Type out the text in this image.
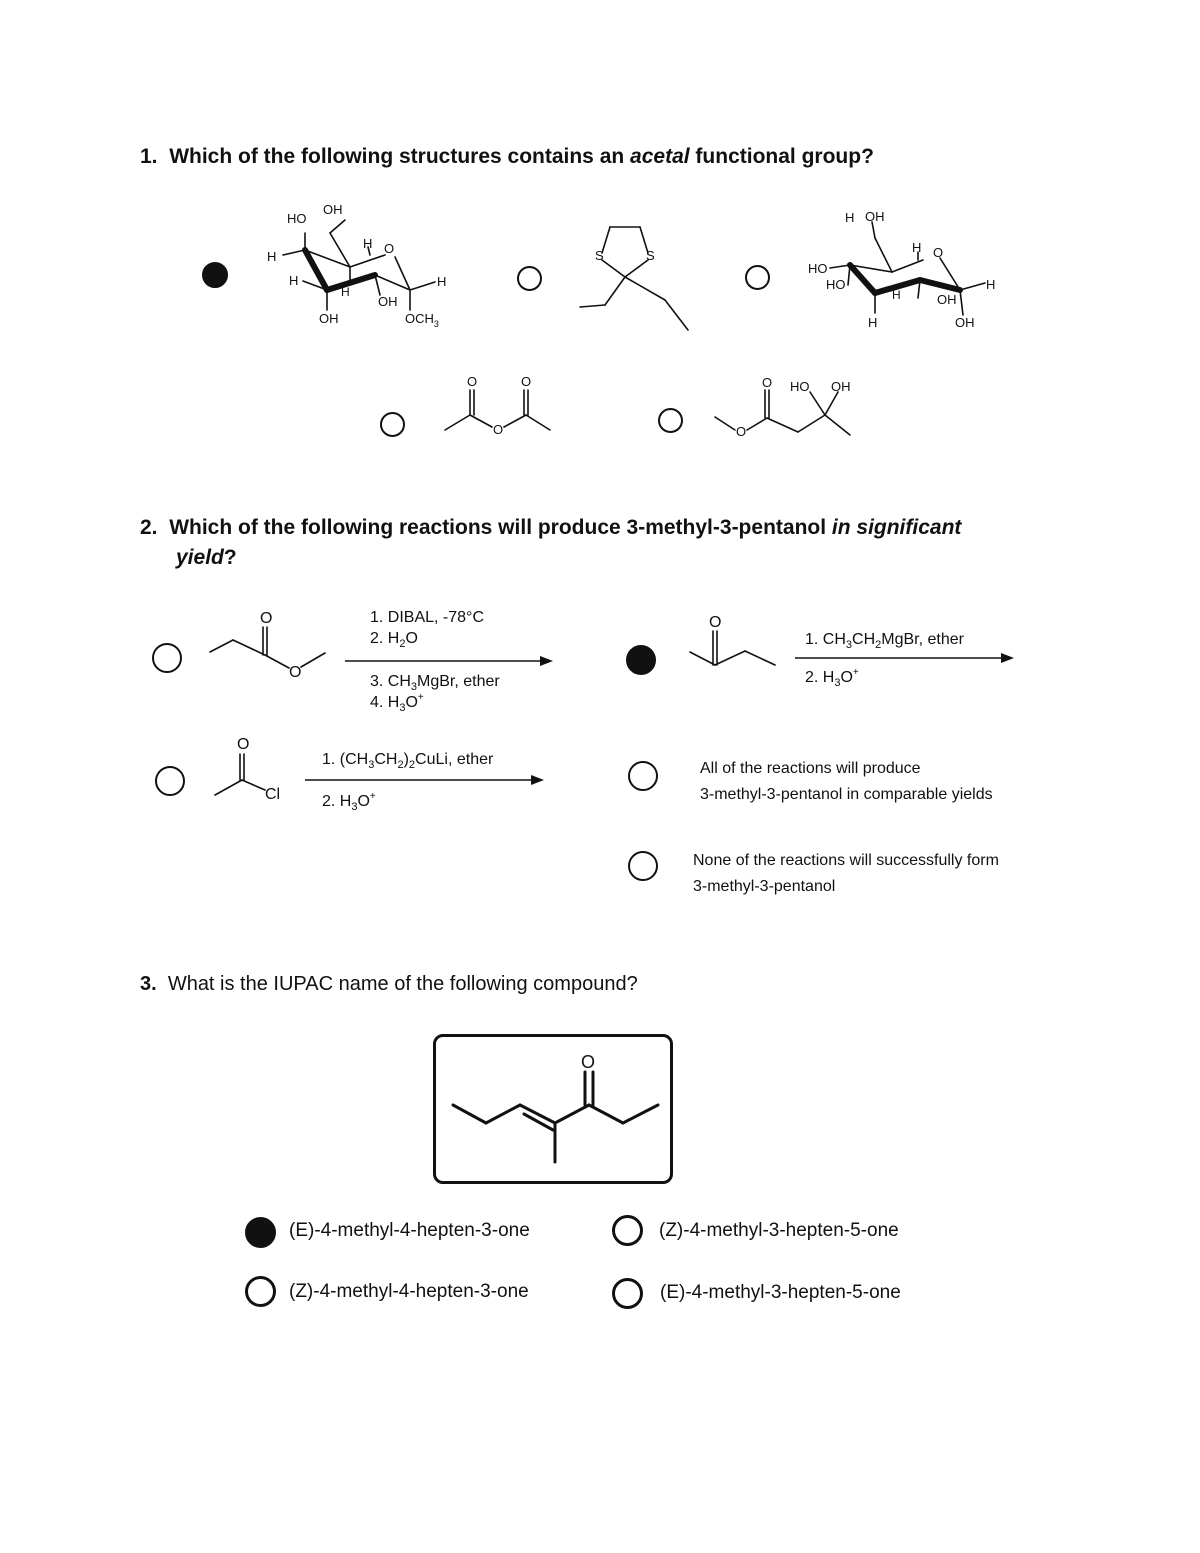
1. Which of the following structures contains an acetal functional group?
HO
OH
H
H O
H
H
OH
H
OH	$OCH_3$
S	S
H OH
H O
HO
HO
H	OH
H
H	OH
O	O
O
O HO OH
O
2. Which of the following reactions will produce 3-methyl-3-pentanol in significant
yield?
O
O
1. DIBAL, -78°C
2. $H_2O$
3. $CH_3MgBr$, ether
4. $H_3O^+$
O
1. $CH_3CH_2MgBr$, ether
2. $H_3O^+$
O
Cl
1. $(CH_3CH_2)_2CuLi$, ether
2. $H_3O^+$
All of the reactions will produce
3-methyl-3-pentanol in comparable yields
None of the reactions will successfully form
3-methyl-3-pentanol
3. What is the IUPAC name of the following compound?
O
(E)-4-methyl-4-hepten-3-one	(Z)-4-methyl-3-hepten-5-one
(Z)-4-methyl-4-hepten-3-one	(E)-4-methyl-3-hepten-5-one
